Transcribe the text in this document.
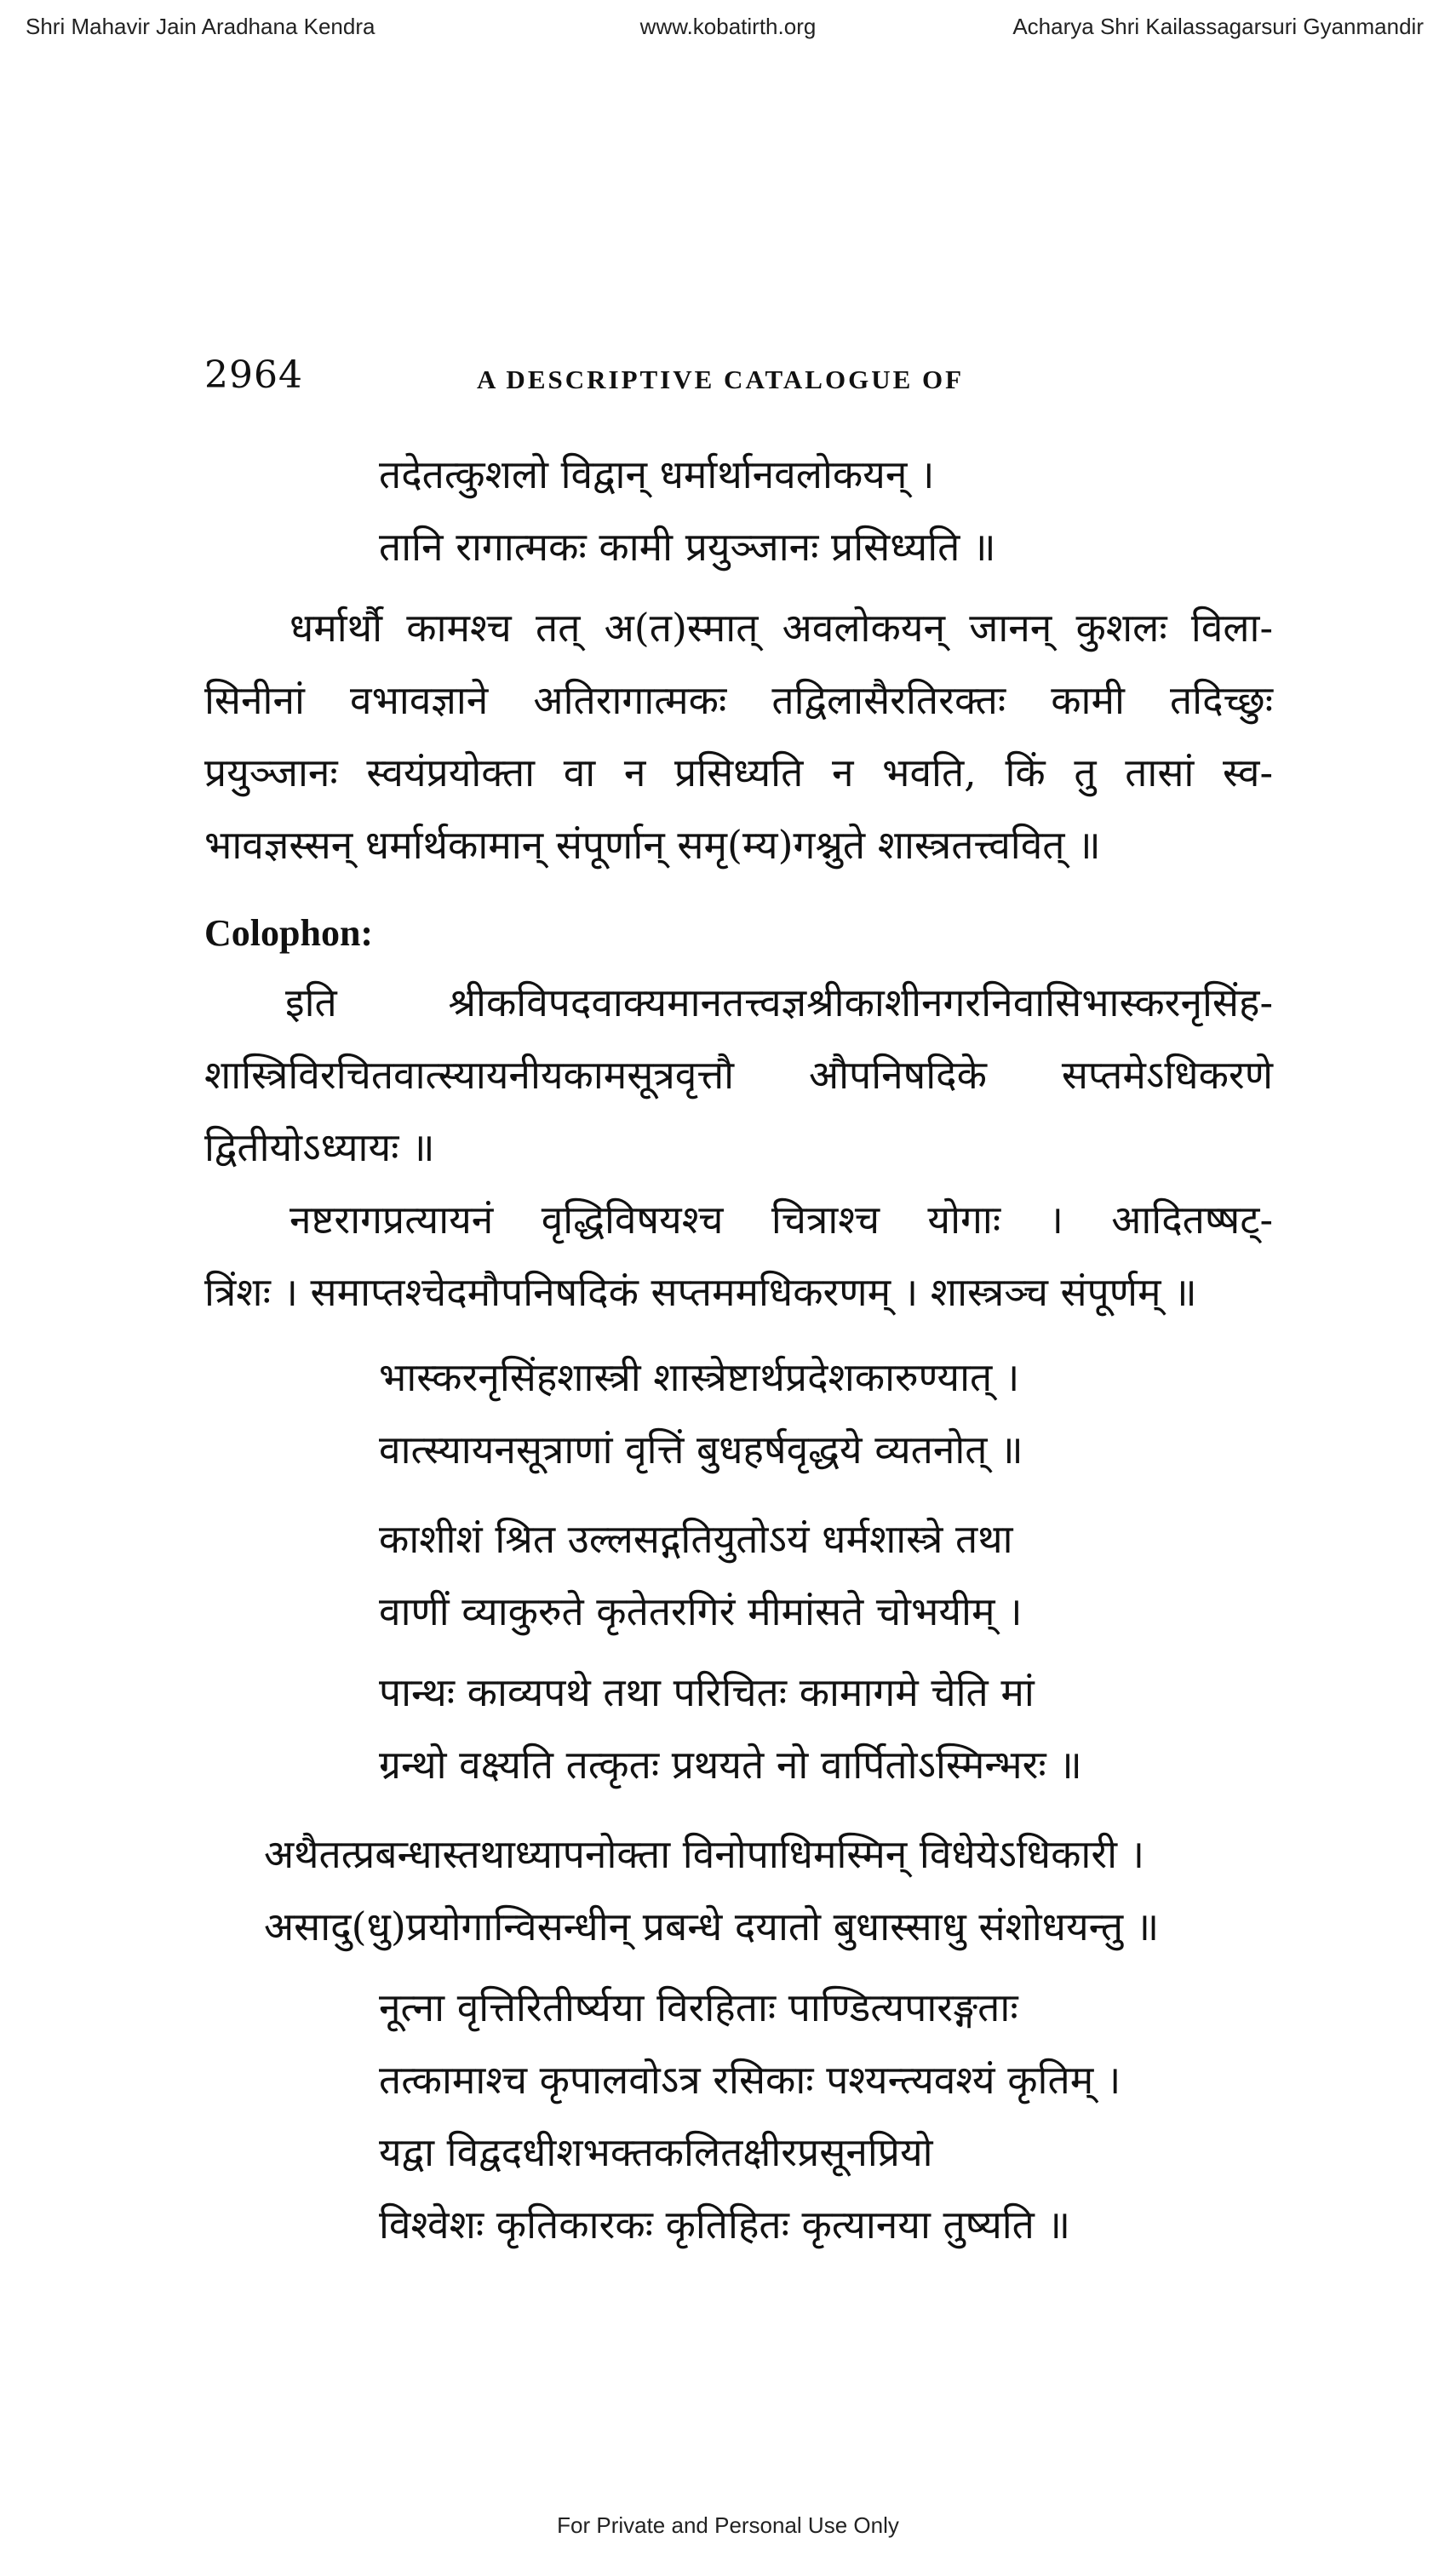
Shri Mahavir Jain Aradhana Kendra	www.kobatirth.org	Acharya Shri Kailassagarsuri Gyanmandir
2964	A DESCRIPTIVE CATALOGUE OF
तदेतत्कुशलो विद्वान् धर्मार्थानवलोकयन् ।
तानि रागात्मकः कामी प्रयुञ्जानः प्रसिध्यति ॥
धर्मार्थौ कामश्च तत् अ(त)स्मात् अवलोकयन् जानन् कुशलः विला-
सिनीनां वभावज्ञाने अतिरागात्मकः तद्विलासैरतिरक्तः कामी तदिच्छुः
प्रयुञ्जानः स्वयंप्रयोक्ता वा न प्रसिध्यति न भवति, किं तु तासां स्व-
भावज्ञस्सन् धर्मार्थकामान् संपूर्णान् समृ(म्य)गश्नुते शास्त्रतत्त्ववित् ॥
Colophon:
इति श्रीकविपदवाक्यमानतत्त्वज्ञश्रीकाशीनगरनिवासिभास्करनृसिंह-
शास्त्रिविरचितवात्स्यायनीयकामसूत्रवृत्तौ औपनिषदिके सप्तमेऽधिकरणे
द्वितीयोऽध्यायः ॥
नष्टरागप्रत्यायनं वृद्धिविषयश्च चित्राश्च योगाः । आदितष्षट्-
त्रिंशः । समाप्तश्चेदमौपनिषदिकं सप्तममधिकरणम् । शास्त्रञ्च संपूर्णम् ॥
भास्करनृसिंहशास्त्री शास्त्रेष्टार्थप्रदेशकारुण्यात् ।
वात्स्यायनसूत्राणां वृत्तिं बुधहर्षवृद्धये व्यतनोत् ॥
काशीशं श्रित उल्लसद्गतियुतोऽयं धर्मशास्त्रे तथा
वाणीं व्याकुरुते कृतेतरगिरं मीमांसते चोभयीम् ।
पान्थः काव्यपथे तथा परिचितः कामागमे चेति मां
ग्रन्थो वक्ष्यति तत्कृतः प्रथयते नो वार्पितोऽस्मिन्भरः ॥
अथैतत्प्रबन्धास्तथाध्यापनोक्ता विनोपाधिमस्मिन् विधेयेऽधिकारी ।
असादु(धु)प्रयोगान्विसन्धीन् प्रबन्धे दयातो बुधास्साधु संशोधयन्तु ॥
नूत्ना वृत्तिरितीर्ष्यया विरहिताः पाण्डित्यपारङ्गताः
तत्कामाश्च कृपालवोऽत्र रसिकाः पश्यन्त्यवश्यं कृतिम् ।
यद्वा विद्वदधीशभक्तकलितक्षीरप्रसूनप्रियो
विश्वेशः कृतिकारकः कृतिहितः कृत्यानया तुष्यति ॥
For Private and Personal Use Only
